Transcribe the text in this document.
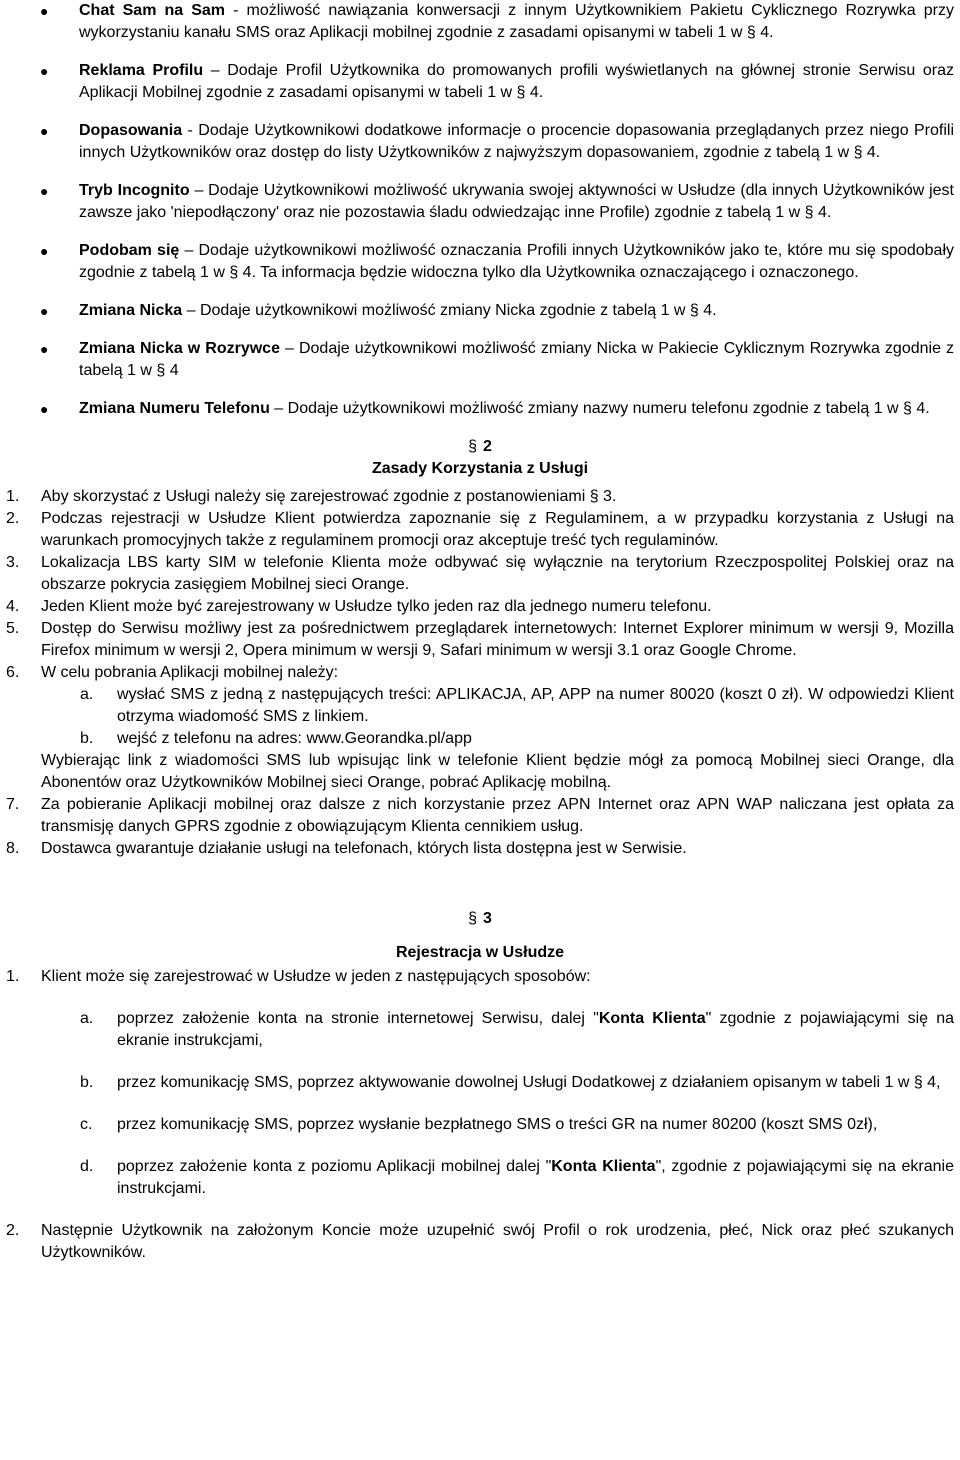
●	Chat Sam na Sam - możliwość nawiązania konwersacji z innym Użytkownikiem Pakietu Cyklicznego Rozrywka przy wykorzystaniu kanału SMS oraz Aplikacji mobilnej zgodnie z zasadami opisanymi w tabeli 1 w § 4.
●	Reklama Profilu – Dodaje Profil Użytkownika do promowanych profili wyświetlanych na głównej stronie Serwisu oraz Aplikacji Mobilnej zgodnie z zasadami opisanymi w tabeli 1 w § 4.
●	Dopasowania - Dodaje Użytkownikowi dodatkowe informacje o procencie dopasowania przeglądanych przez niego Profili innych Użytkowników oraz dostęp do listy Użytkowników z najwyższym dopasowaniem, zgodnie z tabelą 1 w § 4.
●	Tryb Incognito – Dodaje Użytkownikowi możliwość ukrywania swojej aktywności w Usłudze (dla innych Użytkowników jest zawsze jako 'niepodłączony' oraz nie pozostawia śladu odwiedzając inne Profile) zgodnie z tabelą 1 w § 4.
●	Podobam się – Dodaje użytkownikowi możliwość oznaczania Profili innych Użytkowników jako te, które mu się spodobały zgodnie z tabelą 1 w § 4. Ta informacja będzie widoczna tylko dla Użytkownika oznaczającego i oznaczonego.
●	Zmiana Nicka – Dodaje użytkownikowi możliwość zmiany Nicka zgodnie z tabelą 1 w § 4.
●	Zmiana Nicka w Rozrywce – Dodaje użytkownikowi możliwość zmiany Nicka w Pakiecie Cyklicznym Rozrywka zgodnie z tabelą 1 w § 4
●	Zmiana Numeru Telefonu – Dodaje użytkownikowi możliwość zmiany nazwy numeru telefonu zgodnie z tabelą 1 w § 4.
§ 2
Zasady Korzystania z Usługi
1.	Aby skorzystać z Usługi należy się zarejestrować zgodnie z postanowieniami § 3.
2.	Podczas rejestracji w Usłudze Klient potwierdza zapoznanie się z Regulaminem, a w przypadku korzystania z Usługi na warunkach promocyjnych także z regulaminem promocji oraz akceptuje treść tych regulaminów.
3.	Lokalizacja LBS karty SIM w telefonie Klienta może odbywać się wyłącznie na terytorium Rzeczpospolitej Polskiej oraz na obszarze pokrycia zasięgiem Mobilnej sieci Orange.
4.	Jeden Klient może być zarejestrowany w Usłudze tylko jeden raz dla jednego numeru telefonu.
5.	Dostęp do Serwisu możliwy jest za pośrednictwem przeglądarek internetowych: Internet Explorer minimum w wersji 9, Mozilla Firefox minimum w wersji 2, Opera minimum w wersji 9, Safari minimum w wersji 3.1 oraz Google Chrome.
6.	W celu pobrania Aplikacji mobilnej należy:
a.	wysłać SMS z jedną z następujących treści: APLIKACJA, AP, APP na numer 80020 (koszt 0 zł). W odpowiedzi Klient otrzyma wiadomość SMS z linkiem.
b.	wejść z telefonu na adres: www.Georandka.pl/app
Wybierając link z wiadomości SMS lub wpisując link w telefonie Klient będzie mógł za pomocą Mobilnej sieci Orange, dla Abonentów oraz Użytkowników Mobilnej sieci Orange, pobrać Aplikację mobilną.
7.	Za pobieranie Aplikacji mobilnej oraz dalsze z nich korzystanie przez APN Internet oraz APN WAP naliczana jest opłata za transmisję danych GPRS zgodnie z obowiązującym Klienta cennikiem usług.
8.	Dostawca gwarantuje działanie usługi na telefonach, których lista dostępna jest w Serwisie.
§ 3
Rejestracja w Usłudze
1.	Klient może się zarejestrować w Usłudze w jeden z następujących sposobów:
a.	poprzez założenie konta na stronie internetowej Serwisu, dalej "Konta Klienta" zgodnie z pojawiającymi się na ekranie instrukcjami,
b.	przez komunikację SMS, poprzez aktywowanie dowolnej Usługi Dodatkowej z działaniem opisanym w tabeli 1 w § 4,
c.	przez komunikację SMS, poprzez wysłanie bezpłatnego SMS o treści GR na numer 80200 (koszt SMS 0zł),
d.	poprzez założenie konta z poziomu Aplikacji mobilnej dalej "Konta Klienta", zgodnie z pojawiającymi się na ekranie instrukcjami.
2.	Następnie Użytkownik na założonym Koncie może uzupełnić swój Profil o rok urodzenia, płeć, Nick oraz płeć szukanych Użytkowników.
